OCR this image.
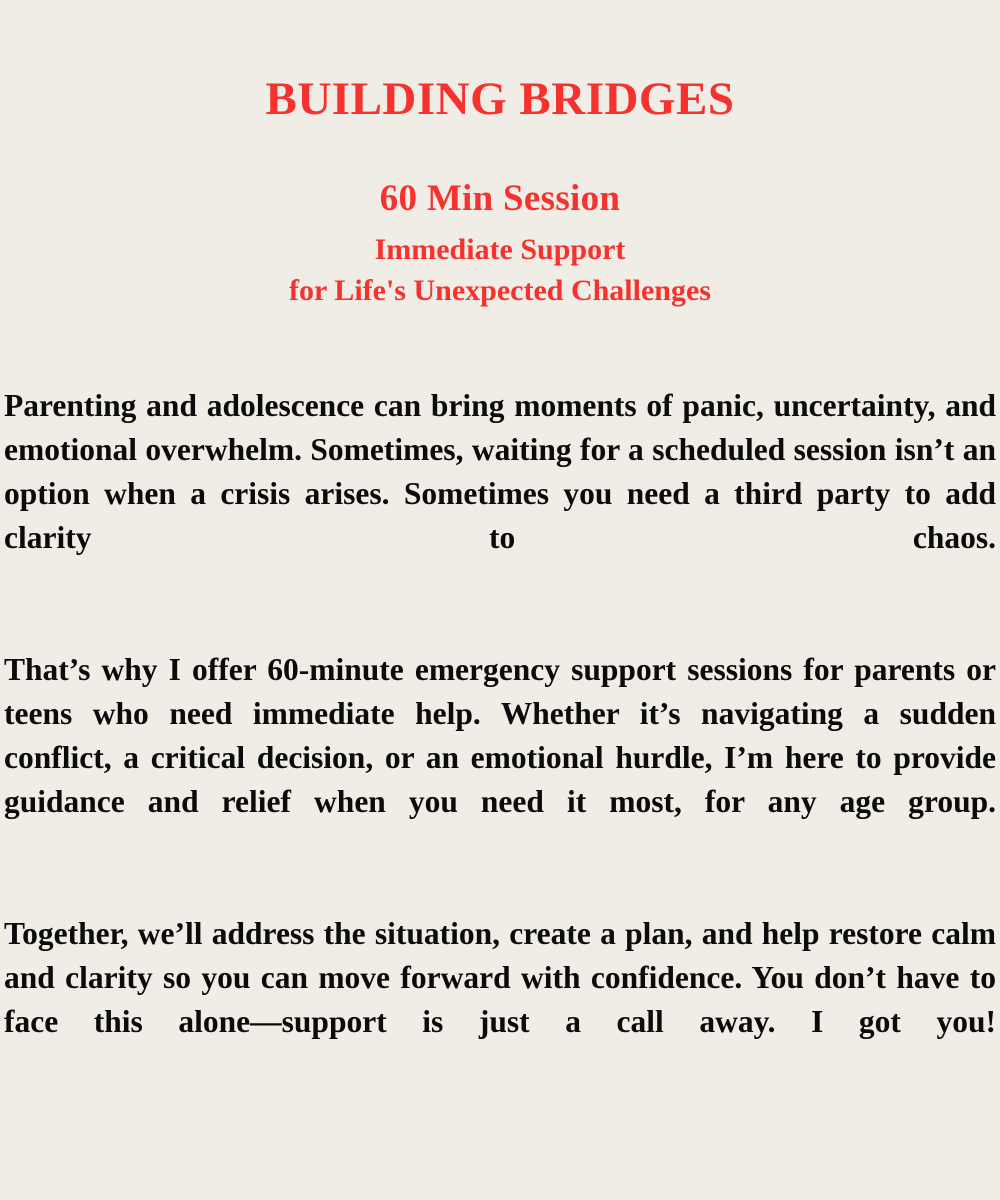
BUILDING BRIDGES
60 Min Session
Immediate Support
for Life's Unexpected Challenges

Parenting and adolescence can bring moments of panic, uncertainty, and emotional overwhelm. Sometimes, waiting for a scheduled session isn’t an option when a crisis arises. Sometimes you need a third party to add clarity to chaos.

That’s why I offer 60-minute emergency support sessions for parents or teens who need immediate help. Whether it’s navigating a sudden conflict, a critical decision, or an emotional hurdle, I’m here to provide guidance and relief when you need it most, for any age group.

Together, we’ll address the situation, create a plan, and help restore calm and clarity so you can move forward with confidence. You don’t have to face this alone—support is just a call away. I got you!
